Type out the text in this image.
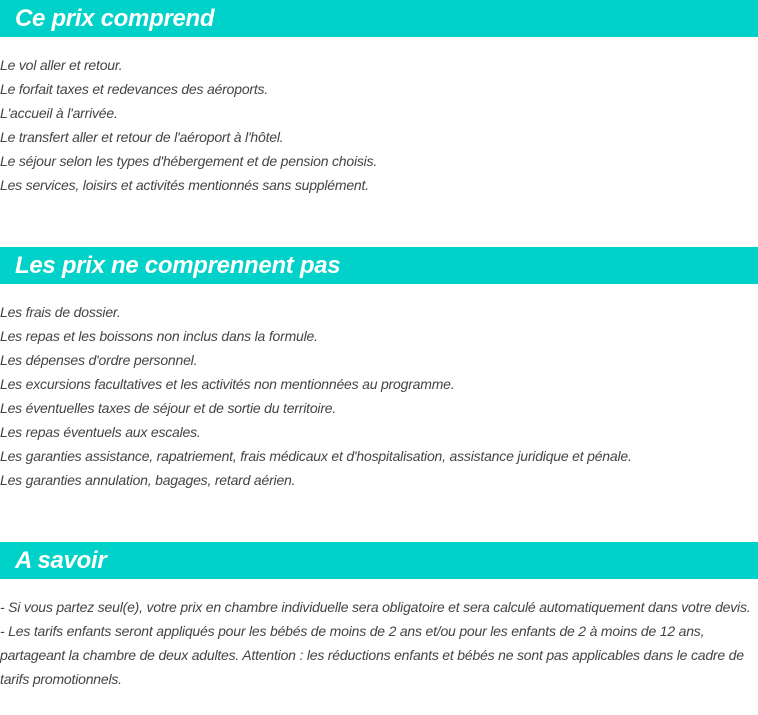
Ce prix comprend
Le vol aller et retour.
Le forfait taxes et redevances des aéroports.
L'accueil à l'arrivée.
Le transfert aller et retour de l'aéroport à l'hôtel.
Le séjour selon les types d'hébergement et de pension choisis.
Les services, loisirs et activités mentionnés sans supplément.
Les prix ne comprennent pas
Les frais de dossier.
Les repas et les boissons non inclus dans la formule.
Les dépenses d'ordre personnel.
Les excursions facultatives et les activités non mentionnées au programme.
Les éventuelles taxes de séjour et de sortie du territoire.
Les repas éventuels aux escales.
Les garanties assistance, rapatriement, frais médicaux et d'hospitalisation, assistance juridique et pénale.
Les garanties annulation, bagages, retard aérien.
A savoir

- Si vous partez seul(e), votre prix en chambre individuelle sera obligatoire et sera calculé automatiquement dans votre devis.

- Les tarifs enfants seront appliqués pour les bébés de moins de 2 ans et/ou pour les enfants de 2 à moins de 12 ans, partageant la chambre de deux adultes. Attention : les réductions enfants et bébés ne sont pas applicables dans le cadre de tarifs promotionnels.
